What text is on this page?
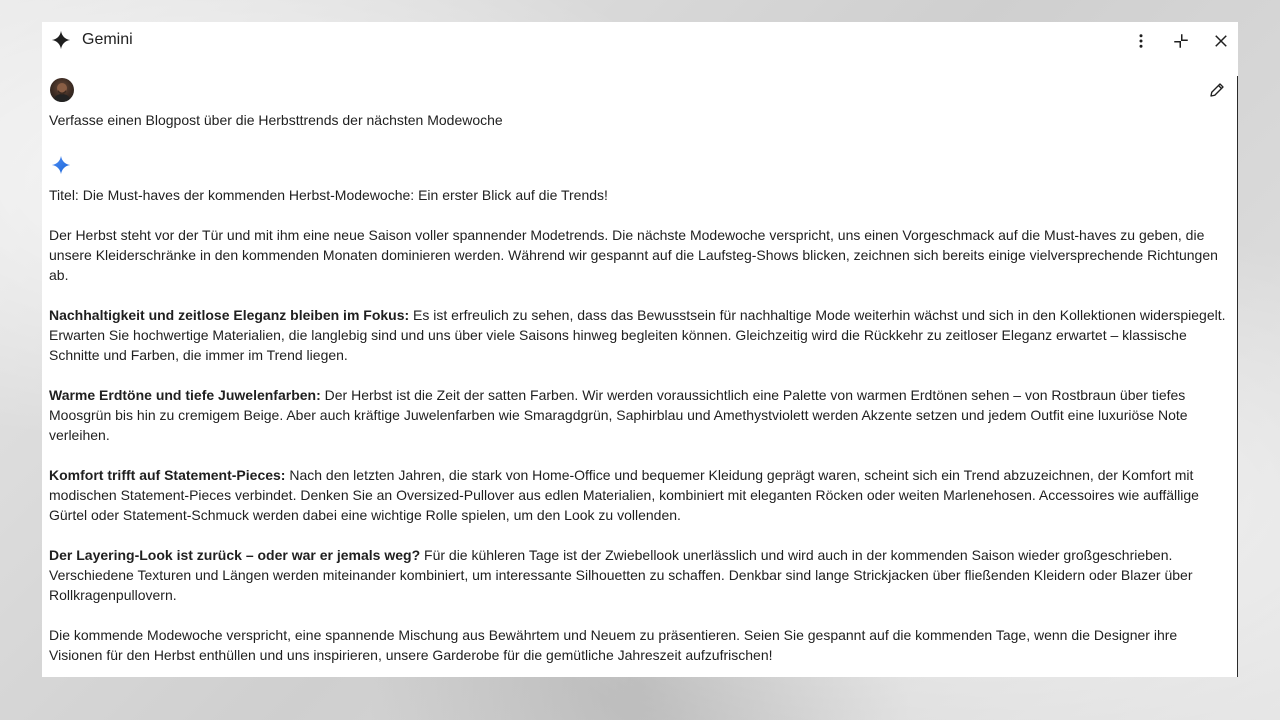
Gemini
Verfasse einen Blogpost über die Herbsttrends der nächsten Modewoche

Titel: Die Must-haves der kommenden Herbst-Modewoche: Ein erster Blick auf die Trends!

Der Herbst steht vor der Tür und mit ihm eine neue Saison voller spannender Modetrends. Die nächste Modewoche verspricht, uns einen Vorgeschmack auf die Must-haves zu geben, die unsere Kleiderschränke in den kommenden Monaten dominieren werden. Während wir gespannt auf die Laufsteg-Shows blicken, zeichnen sich bereits einige vielversprechende Richtungen ab.

Nachhaltigkeit und zeitlose Eleganz bleiben im Fokus: Es ist erfreulich zu sehen, dass das Bewusstsein für nachhaltige Mode weiterhin wächst und sich in den Kollektionen widerspiegelt. Erwarten Sie hochwertige Materialien, die langlebig sind und uns über viele Saisons hinweg begleiten können. Gleichzeitig wird die Rückkehr zu zeitloser Eleganz erwartet – klassische Schnitte und Farben, die immer im Trend liegen.

Warme Erdtöne und tiefe Juwelenfarben: Der Herbst ist die Zeit der satten Farben. Wir werden voraussichtlich eine Palette von warmen Erdtönen sehen – von Rostbraun über tiefes Moosgrün bis hin zu cremigem Beige. Aber auch kräftige Juwelenfarben wie Smaragdgrün, Saphirblau und Amethystviolett werden Akzente setzen und jedem Outfit eine luxuriöse Note verleihen.

Komfort trifft auf Statement-Pieces: Nach den letzten Jahren, die stark von Home-Office und bequemer Kleidung geprägt waren, scheint sich ein Trend abzuzeichnen, der Komfort mit modischen Statement-Pieces verbindet. Denken Sie an Oversized-Pullover aus edlen Materialien, kombiniert mit eleganten Röcken oder weiten Marlenehosen. Accessoires wie auffällige Gürtel oder Statement-Schmuck werden dabei eine wichtige Rolle spielen, um den Look zu vollenden.

Der Layering-Look ist zurück – oder war er jemals weg? Für die kühleren Tage ist der Zwiebellook unerlässlich und wird auch in der kommenden Saison wieder großgeschrieben. Verschiedene Texturen und Längen werden miteinander kombiniert, um interessante Silhouetten zu schaffen. Denkbar sind lange Strickjacken über fließenden Kleidern oder Blazer über Rollkragenpullovern.

Die kommende Modewoche verspricht, eine spannende Mischung aus Bewährtem und Neuem zu präsentieren. Seien Sie gespannt auf die kommenden Tage, wenn die Designer ihre Visionen für den Herbst enthüllen und uns inspirieren, unsere Garderobe für die gemütliche Jahreszeit aufzufrischen!
